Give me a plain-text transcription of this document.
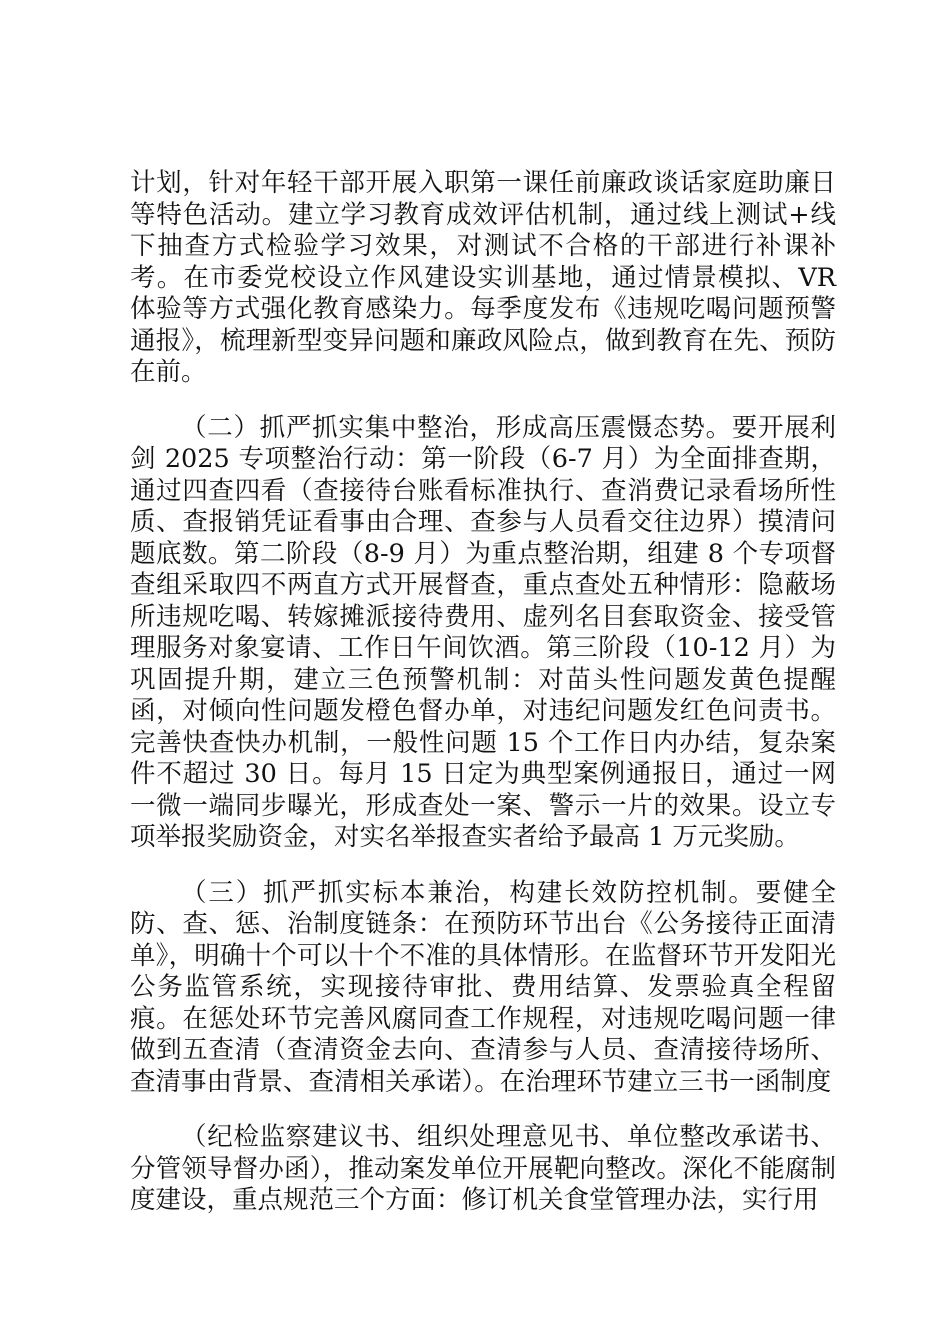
计划，针对年轻干部开展入职第一课任前廉政谈话家庭助廉日等特色活动。建立学习教育成效评估机制，通过线上测试+线下抽查方式检验学习效果，对测试不合格的干部进行补课补考。在市委党校设立作风建设实训基地，通过情景模拟、VR 体验等方式强化教育感染力。每季度发布《违规吃喝问题预警通报》，梳理新型变异问题和廉政风险点，做到教育在先、预防在前。

（二）抓严抓实集中整治，形成高压震慑态势。要开展利剑 2025 专项整治行动：第一阶段（6-7 月）为全面排查期，通过四查四看（查接待台账看标准执行、查消费记录看场所性质、查报销凭证看事由合理、查参与人员看交往边界）摸清问题底数。第二阶段（8-9 月）为重点整治期，组建 8 个专项督查组采取四不两直方式开展督查，重点查处五种情形：隐蔽场所违规吃喝、转嫁摊派接待费用、虚列名目套取资金、接受管理服务对象宴请、工作日午间饮酒。第三阶段（10-12 月）为巩固提升期，建立三色预警机制：对苗头性问题发黄色提醒函，对倾向性问题发橙色督办单，对违纪问题发红色问责书。完善快查快办机制，一般性问题 15 个工作日内办结，复杂案件不超过 30 日。每月 15 日定为典型案例通报日，通过一网一微一端同步曝光，形成查处一案、警示一片的效果。设立专项举报奖励资金，对实名举报查实者给予最高 1 万元奖励。

（三）抓严抓实标本兼治，构建长效防控机制。要健全防、查、惩、治制度链条：在预防环节出台《公务接待正面清单》，明确十个可以十个不准的具体情形。在监督环节开发阳光公务监管系统，实现接待审批、费用结算、发票验真全程留痕。在惩处环节完善风腐同查工作规程，对违规吃喝问题一律做到五查清（查清资金去向、查清参与人员、查清接待场所、查清事由背景、查清相关承诺）。在治理环节建立三书一函制度

（纪检监察建议书、组织处理意见书、单位整改承诺书、分管领导督办函），推动案发单位开展靶向整改。深化不能腐制度建设，重点规范三个方面：修订机关食堂管理办法，实行用
